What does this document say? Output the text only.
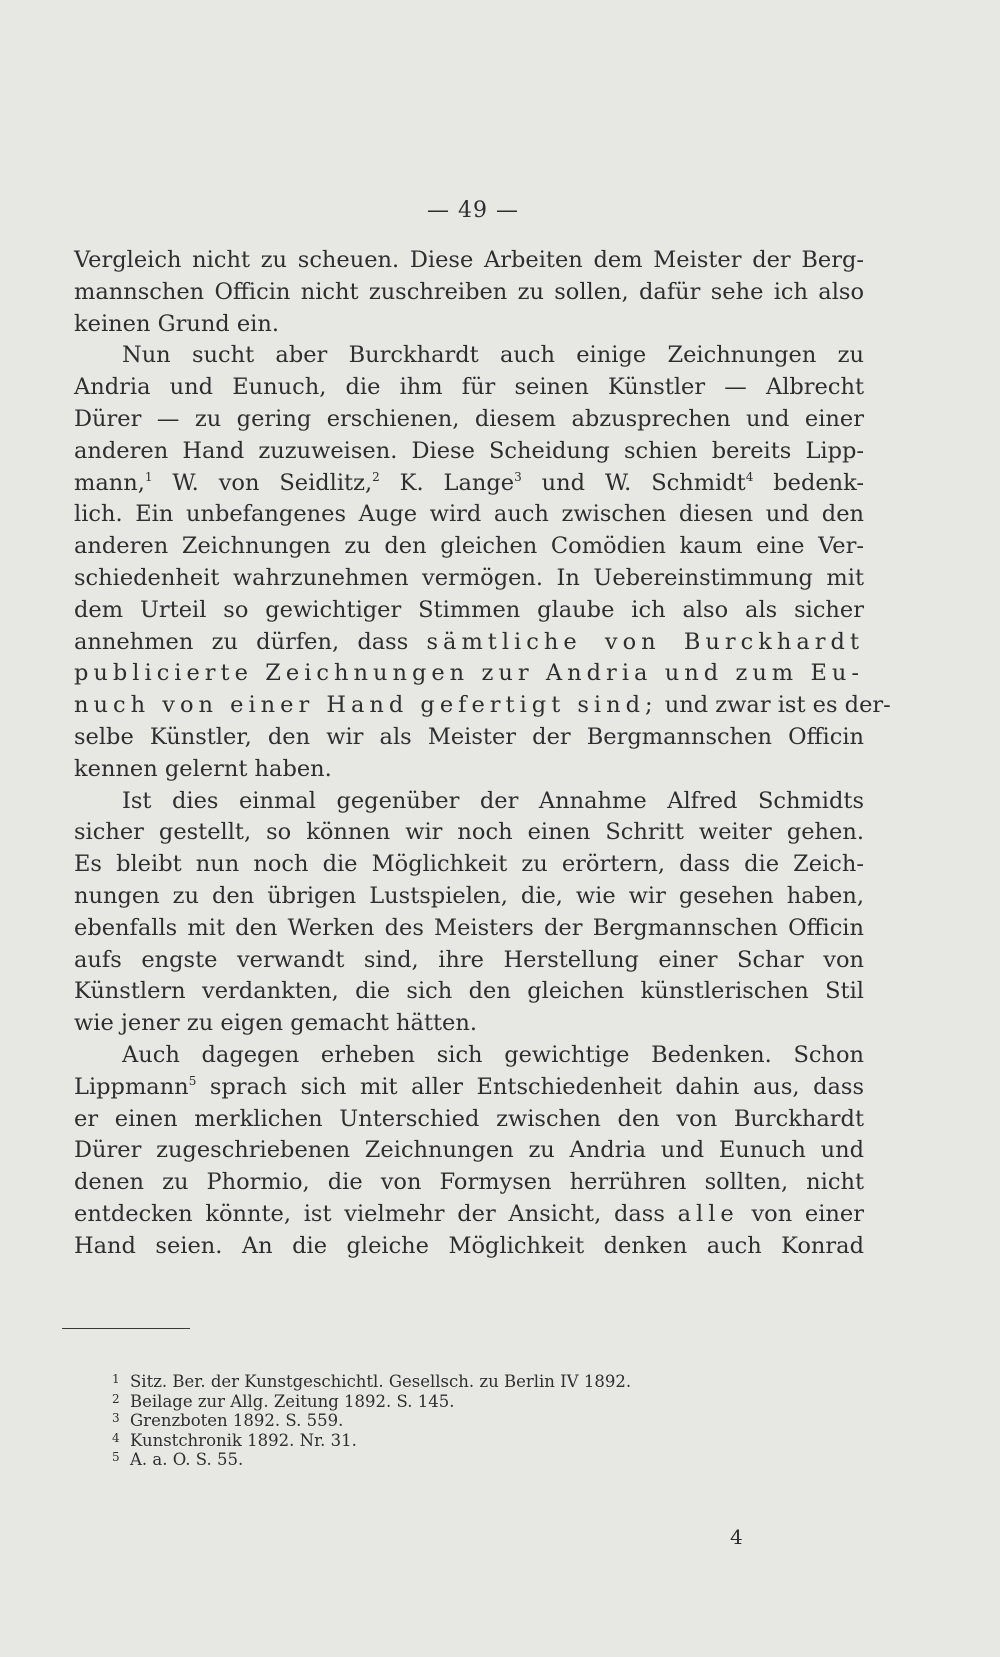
— 49 —
Vergleich nicht zu scheuen. Diese Arbeiten dem Meister der Berg-
mannschen Officin nicht zuschreiben zu sollen, dafür sehe ich also
keinen Grund ein.
Nun sucht aber Burckhardt auch einige Zeichnungen zu
Andria und Eunuch, die ihm für seinen Künstler — Albrecht
Dürer — zu gering erschienen, diesem abzusprechen und einer
anderen Hand zuzuweisen. Diese Scheidung schien bereits Lipp-
mann,$^1$ W. von Seidlitz,$^2$ K. Lange$^3$ und W. Schmidt$^4$ bedenk-
lich. Ein unbefangenes Auge wird auch zwischen diesen und den
anderen Zeichnungen zu den gleichen Comödien kaum eine Ver-
schiedenheit wahrzunehmen vermögen. In Uebereinstimmung mit
dem Urteil so gewichtiger Stimmen glaube ich also als sicher
annehmen zu dürfen, dass sämtliche von Burckhardt
publicierte Zeichnungen zur Andria und zum Eu-
nuch von einer Hand gefertigt sind; und zwar ist es der-
selbe Künstler, den wir als Meister der Bergmannschen Officin
kennen gelernt haben.
Ist dies einmal gegenüber der Annahme Alfred Schmidts
sicher gestellt, so können wir noch einen Schritt weiter gehen.
Es bleibt nun noch die Möglichkeit zu erörtern, dass die Zeich-
nungen zu den übrigen Lustspielen, die, wie wir gesehen haben,
ebenfalls mit den Werken des Meisters der Bergmannschen Officin
aufs engste verwandt sind, ihre Herstellung einer Schar von
Künstlern verdankten, die sich den gleichen künstlerischen Stil
wie jener zu eigen gemacht hätten.
Auch dagegen erheben sich gewichtige Bedenken. Schon
Lippmann$^5$ sprach sich mit aller Entschiedenheit dahin aus, dass
er einen merklichen Unterschied zwischen den von Burckhardt
Dürer zugeschriebenen Zeichnungen zu Andria und Eunuch und
denen zu Phormio, die von Formysen herrühren sollten, nicht
entdecken könnte, ist vielmehr der Ansicht, dass alle von einer
Hand seien. An die gleiche Möglichkeit denken auch Konrad
1 Sitz. Ber. der Kunstgeschichtl. Gesellsch. zu Berlin IV 1892.
2 Beilage zur Allg. Zeitung 1892. S. 145.
3 Grenzboten 1892. S. 559.
4 Kunstchronik 1892. Nr. 31.
5 A. a. O. S. 55.
4
